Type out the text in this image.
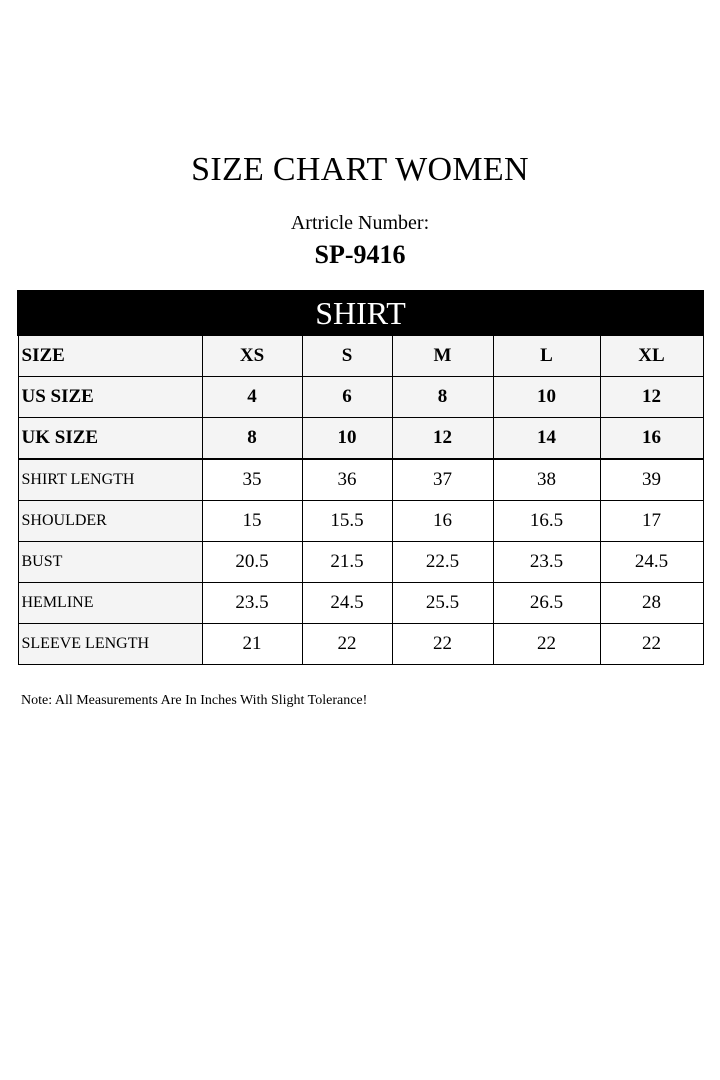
SIZE CHART WOMEN
Artricle Number:
SP-9416
SHIRT					
SIZE	XS	S	M	L	XL
US SIZE	4	6	8	10	12
UK SIZE	8	10	12	14	16
SHIRT LENGTH	35	36	37	38	39
SHOULDER	15	15.5	16	16.5	17
BUST	20.5	21.5	22.5	23.5	24.5
HEMLINE	23.5	24.5	25.5	26.5	28
SLEEVE LENGTH	21	22	22	22	22
Note: All Measurements Are In Inches With Slight Tolerance!
